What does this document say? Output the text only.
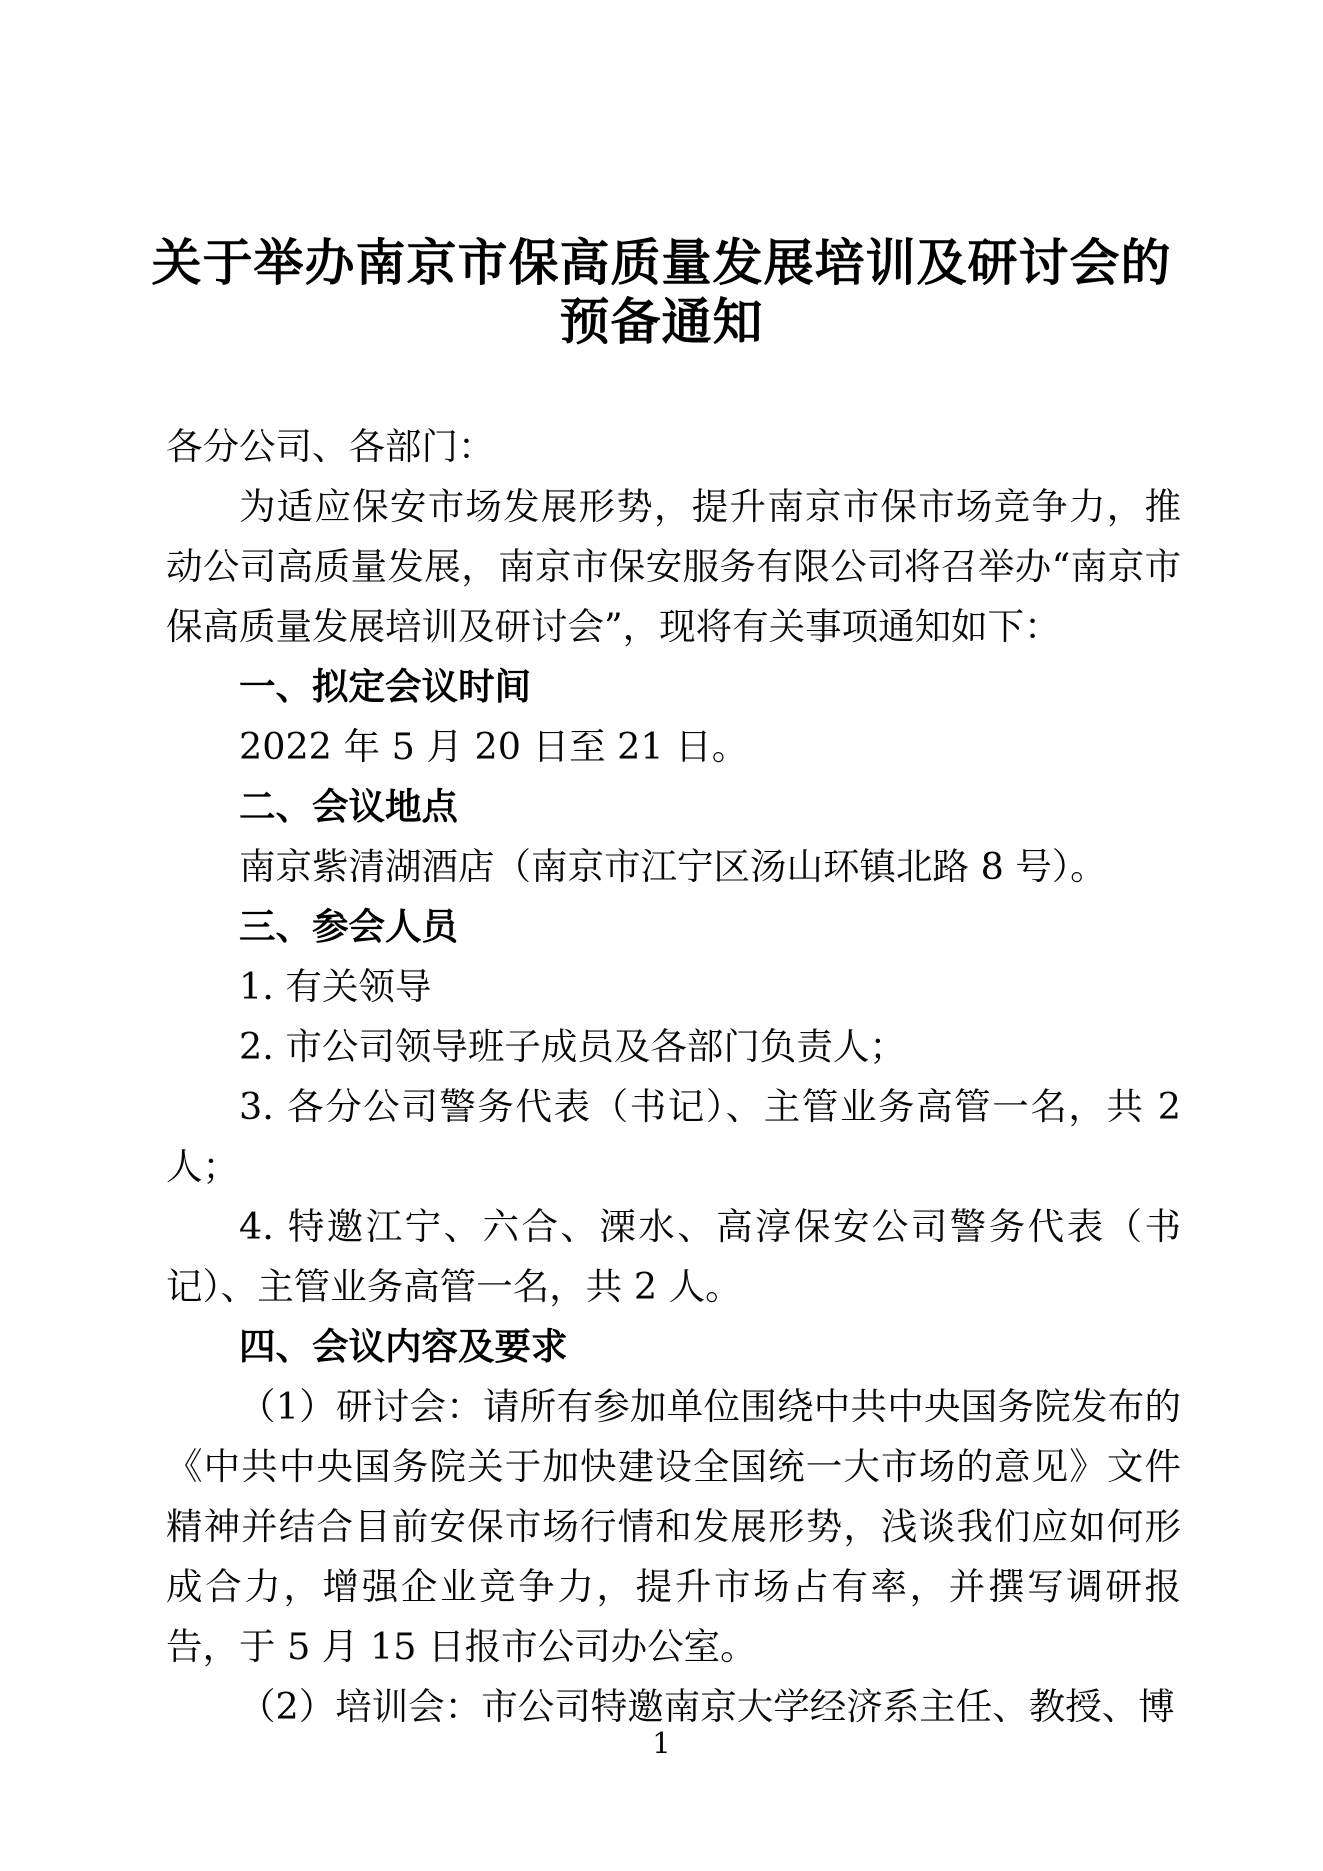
关于举办南京市保高质量发展培训及研讨会的
预备通知
各分公司、各部门：
为适应保安市场发展形势，提升南京市保市场竞争力，推动公司高质量发展，南京市保安服务有限公司将召举办“南京市保高质量发展培训及研讨会”，现将有关事项通知如下：
一、拟定会议时间
2022 年 5 月 20 日至 21 日。
二、会议地点
南京紫清湖酒店（南京市江宁区汤山环镇北路 8 号）。
三、参会人员
1. 有关领导
2. 市公司领导班子成员及各部门负责人；
3. 各分公司警务代表（书记）、主管业务高管一名，共 2 人；
4. 特邀江宁、六合、溧水、高淳保安公司警务代表（书记）、主管业务高管一名，共 2 人。
四、会议内容及要求
（1）研讨会：请所有参加单位围绕中共中央国务院发布的《中共中央国务院关于加快建设全国统一大市场的意见》文件精神并结合目前安保市场行情和发展形势，浅谈我们应如何形成合力，增强企业竞争力，提升市场占有率，并撰写调研报告，于 5 月 15 日报市公司办公室。
（2）培训会：市公司特邀南京大学经济系主任、教授、博
1
